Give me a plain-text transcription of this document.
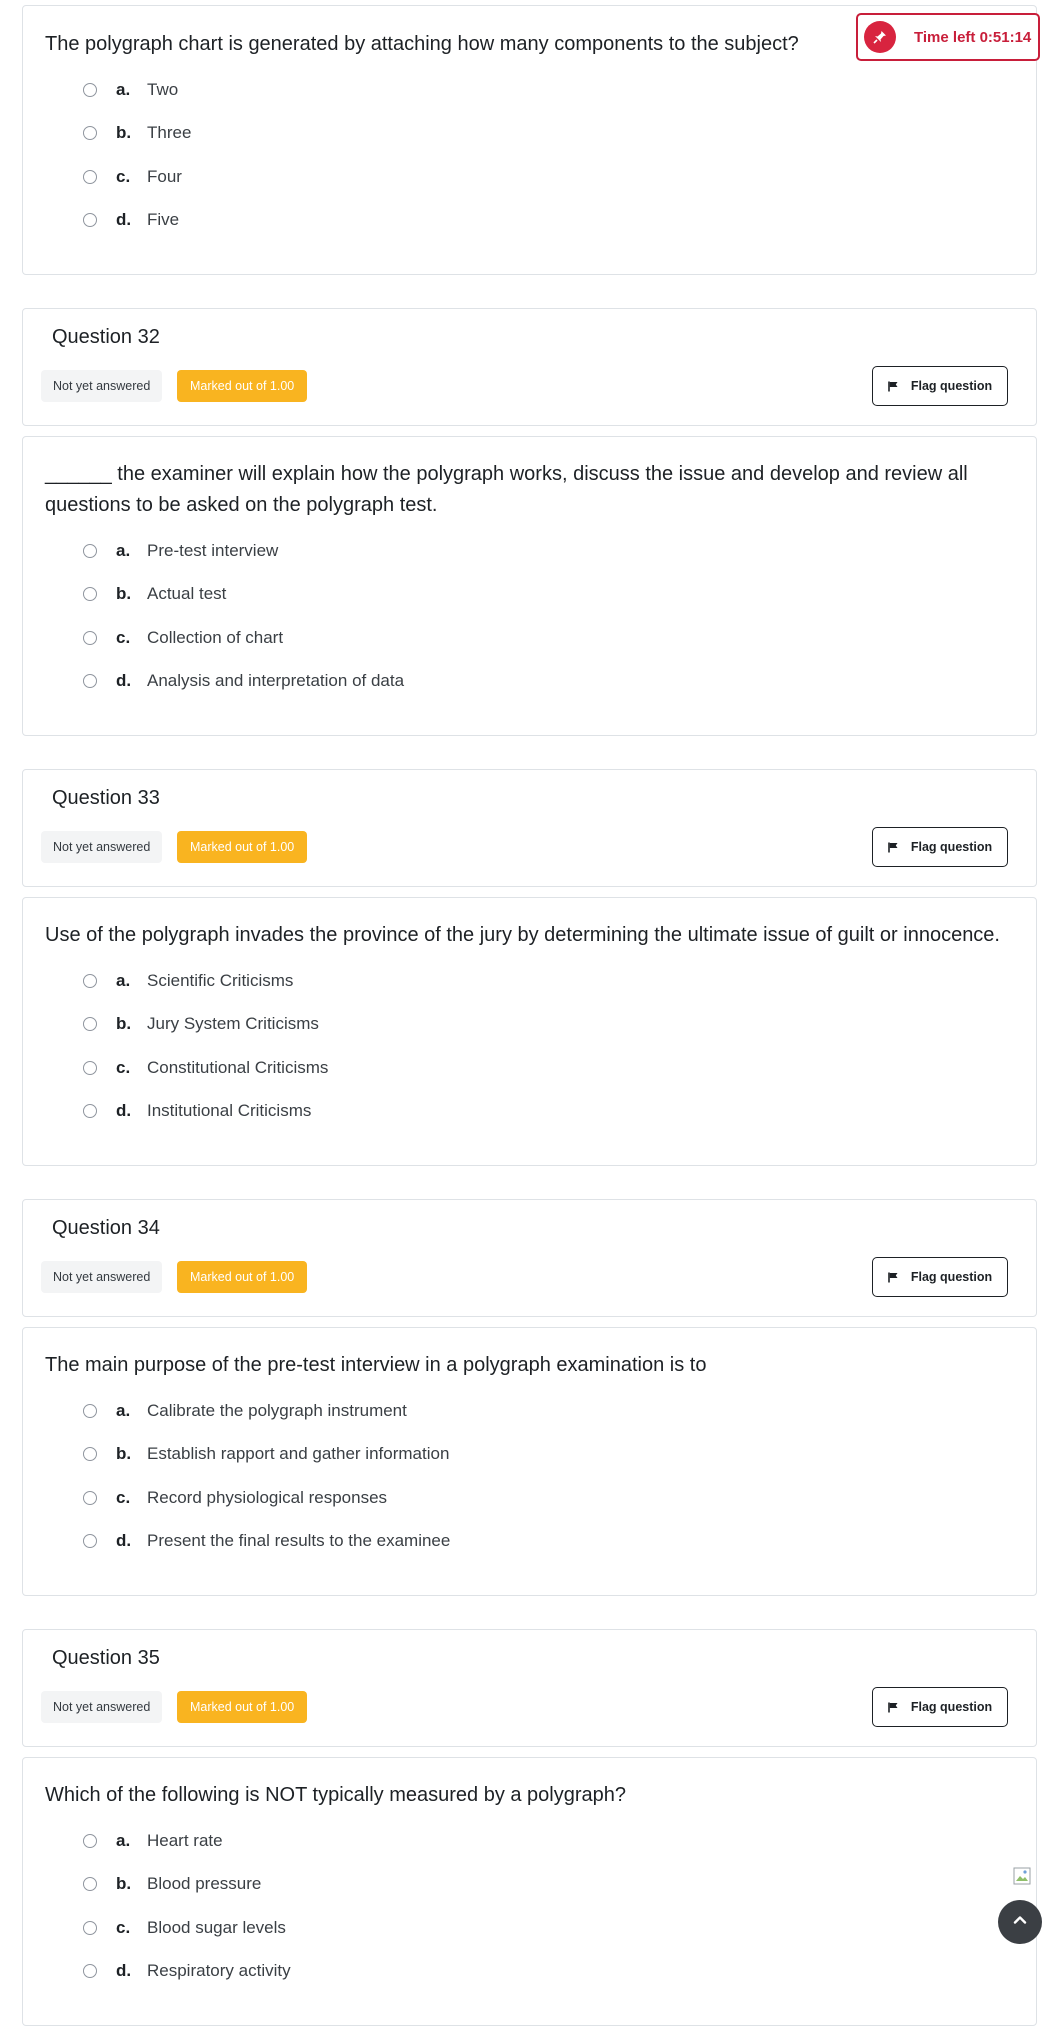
The polygraph chart is generated by attaching how many components to the subject?
a. Two
b. Three
c. Four
d. Five
Question 32
Not yet answered	Marked out of 1.00	Flag question
______ the examiner will explain how the polygraph works, discuss the issue and develop and review all questions to be asked on the polygraph test.
a. Pre-test interview
b. Actual test
c. Collection of chart
d. Analysis and interpretation of data
Question 33
Not yet answered	Marked out of 1.00	Flag question
Use of the polygraph invades the province of the jury by determining the ultimate issue of guilt or innocence.
a. Scientific Criticisms
b. Jury System Criticisms
c. Constitutional Criticisms
d. Institutional Criticisms
Question 34
Not yet answered	Marked out of 1.00	Flag question
The main purpose of the pre-test interview in a polygraph examination is to
a. Calibrate the polygraph instrument
b. Establish rapport and gather information
c. Record physiological responses
d. Present the final results to the examinee
Question 35
Not yet answered	Marked out of 1.00	Flag question
Which of the following is NOT typically measured by a polygraph?
a. Heart rate
b. Blood pressure
c. Blood sugar levels
d. Respiratory activity
Time left 0:51:14
